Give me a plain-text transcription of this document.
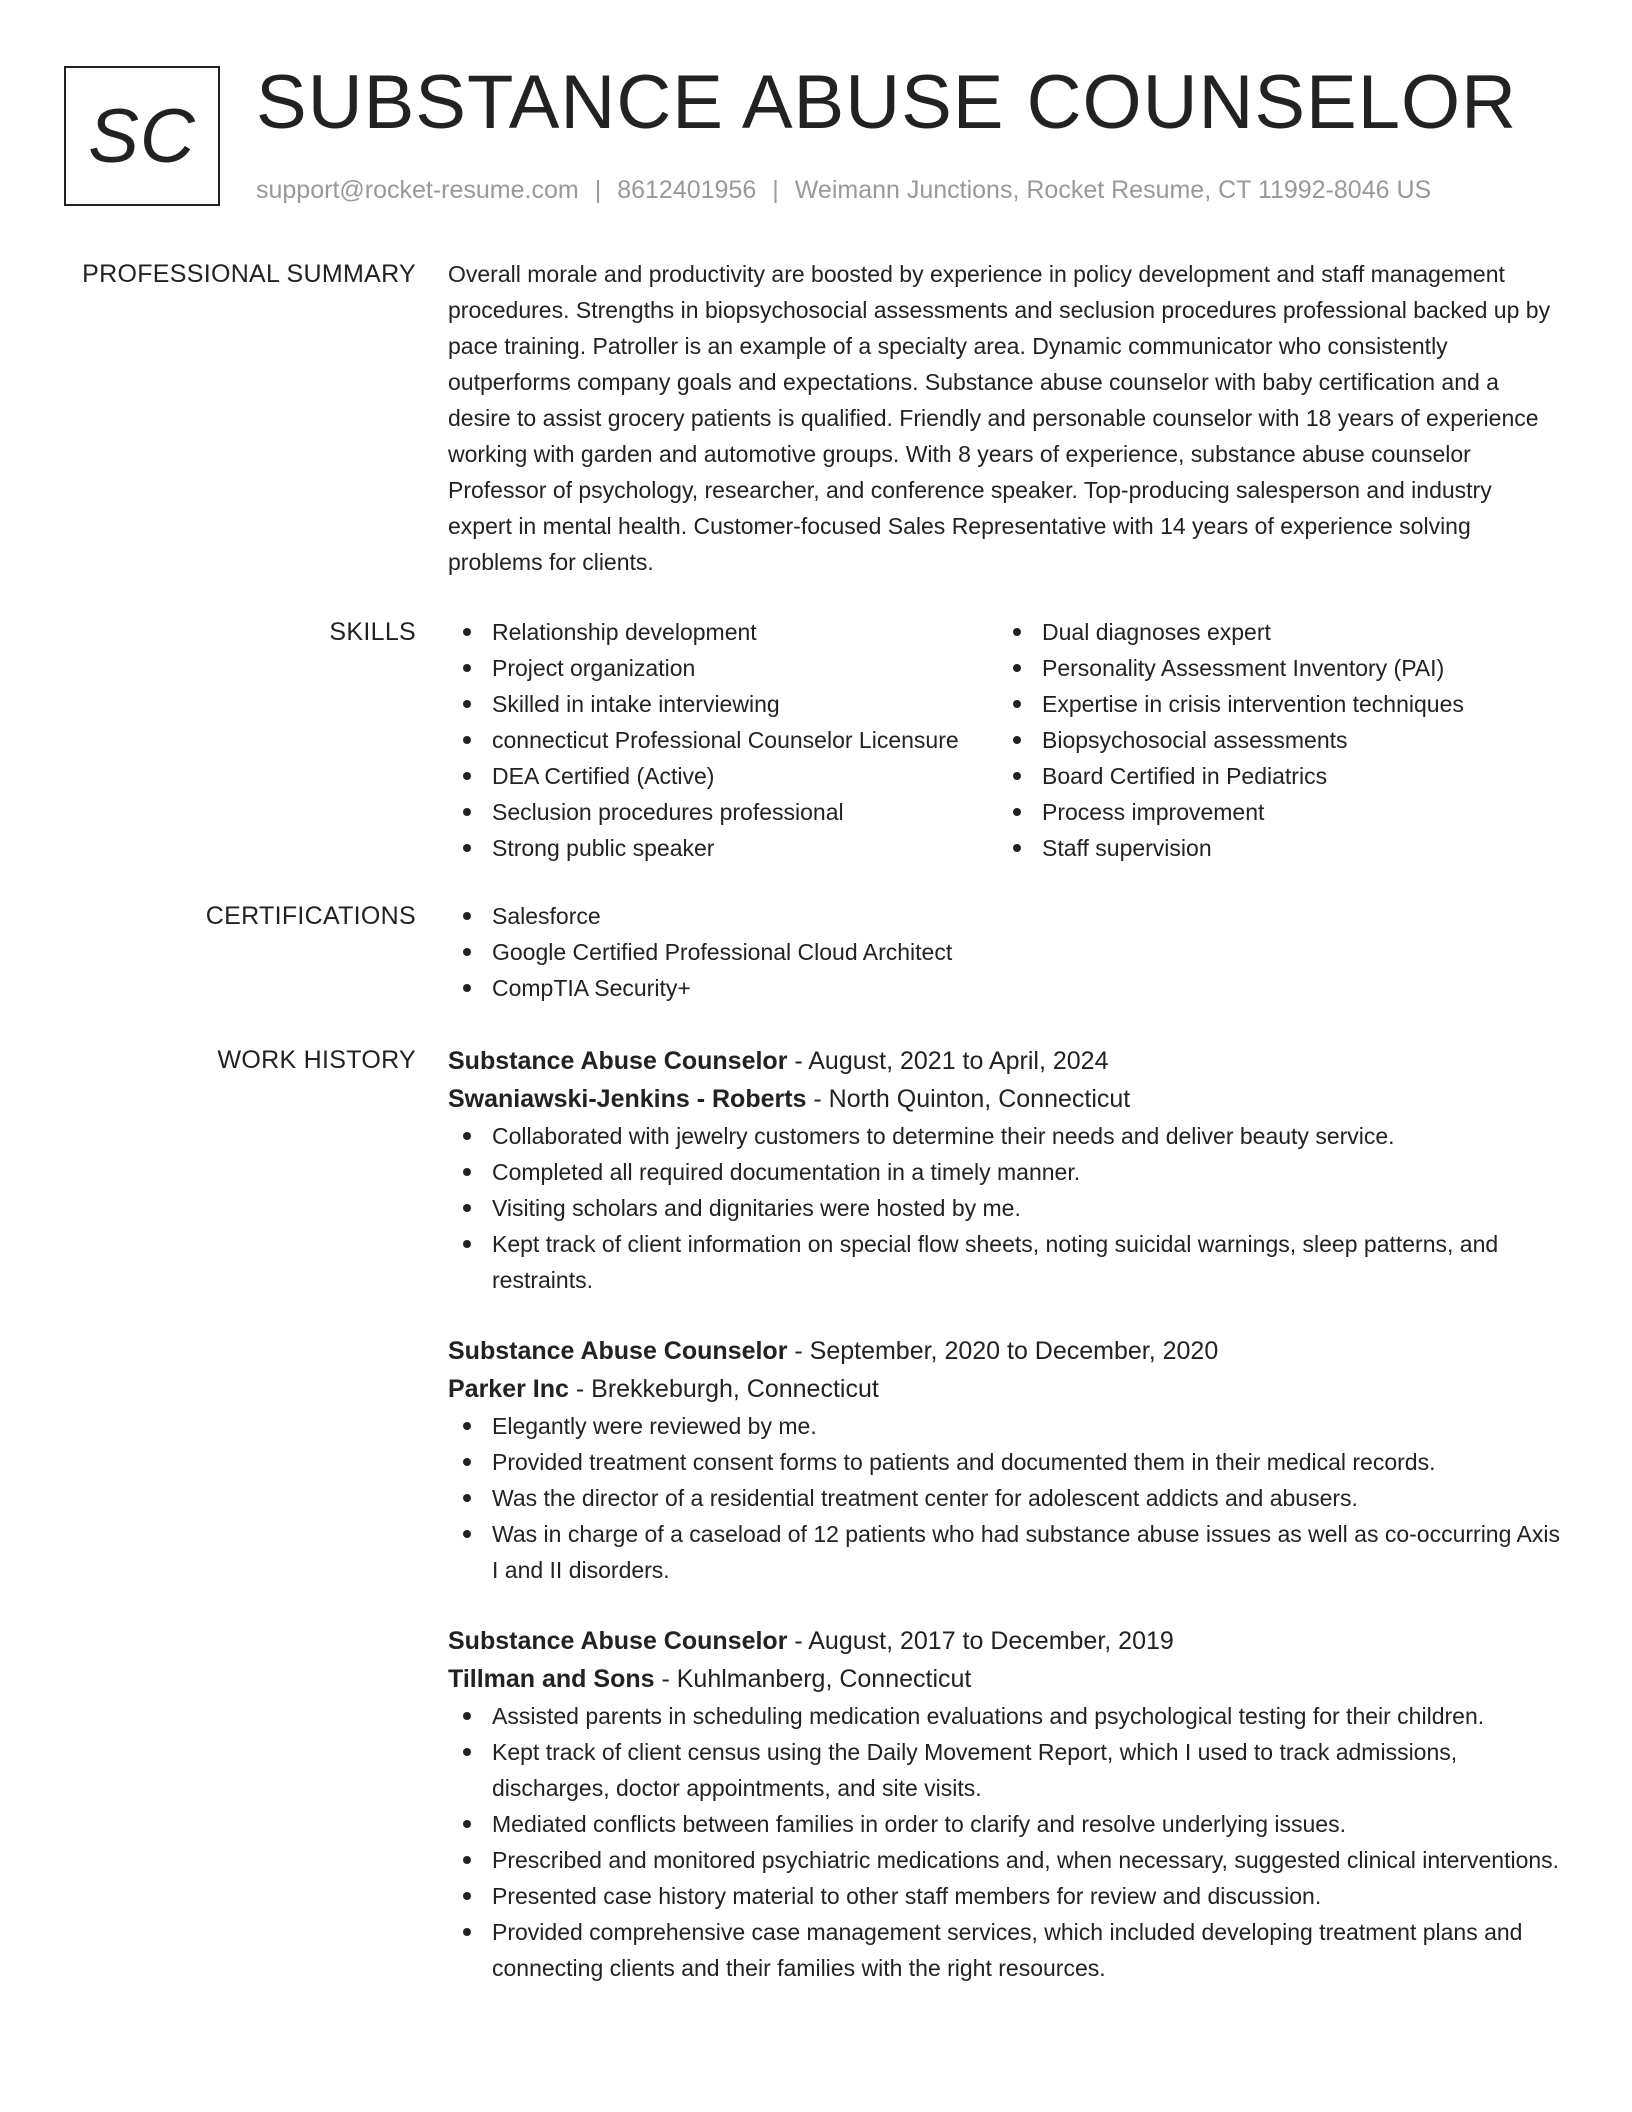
SC SUBSTANCE ABUSE COUNSELOR
support@rocket-resume.com | 8612401956 | Weimann Junctions, Rocket Resume, CT 11992-8046 US
PROFESSIONAL SUMMARY Overall morale and productivity are boosted by experience in policy development and staff management procedures. Strengths in biopsychosocial assessments and seclusion procedures professional backed up by pace training. Patroller is an example of a specialty area. Dynamic communicator who consistently outperforms company goals and expectations. Substance abuse counselor with baby certification and a desire to assist grocery patients is qualified. Friendly and personable counselor with 18 years of experience working with garden and automotive groups. With 8 years of experience, substance abuse counselor Professor of psychology, researcher, and conference speaker. Top-producing salesperson and industry expert in mental health. Customer-focused Sales Representative with 14 years of experience solving problems for clients.

SKILLS	Relationship development
Project organization
Skilled in intake interviewing
connecticut Professional Counselor Licensure
DEA Certified (Active)
Seclusion procedures professional
Strong public speaker
Dual diagnoses expert
Personality Assessment Inventory (PAI)
Expertise in crisis intervention techniques
Biopsychosocial assessments
Board Certified in Pediatrics
Process improvement
Staff supervision
CERTIFICATIONS	Salesforce
Google Certified Professional Cloud Architect
CompTIA Security+
WORK HISTORY Substance Abuse Counselor - August, 2021 to April, 2024
Swaniawski-Jenkins - Roberts - North Quinton, Connecticut
Collaborated with jewelry customers to determine their needs and deliver beauty service.
Completed all required documentation in a timely manner.
Visiting scholars and dignitaries were hosted by me.
Kept track of client information on special flow sheets, noting suicidal warnings, sleep patterns, and restraints.
Substance Abuse Counselor - September, 2020 to December, 2020
Parker Inc - Brekkeburgh, Connecticut
Elegantly were reviewed by me.
Provided treatment consent forms to patients and documented them in their medical records.
Was the director of a residential treatment center for adolescent addicts and abusers.
Was in charge of a caseload of 12 patients who had substance abuse issues as well as co-occurring Axis I and II disorders.
Substance Abuse Counselor - August, 2017 to December, 2019
Tillman and Sons - Kuhlmanberg, Connecticut
Assisted parents in scheduling medication evaluations and psychological testing for their children.
Kept track of client census using the Daily Movement Report, which I used to track admissions, discharges, doctor appointments, and site visits.
Mediated conflicts between families in order to clarify and resolve underlying issues.
Prescribed and monitored psychiatric medications and, when necessary, suggested clinical interventions.
Presented case history material to other staff members for review and discussion.
Provided comprehensive case management services, which included developing treatment plans and connecting clients and their families with the right resources.
